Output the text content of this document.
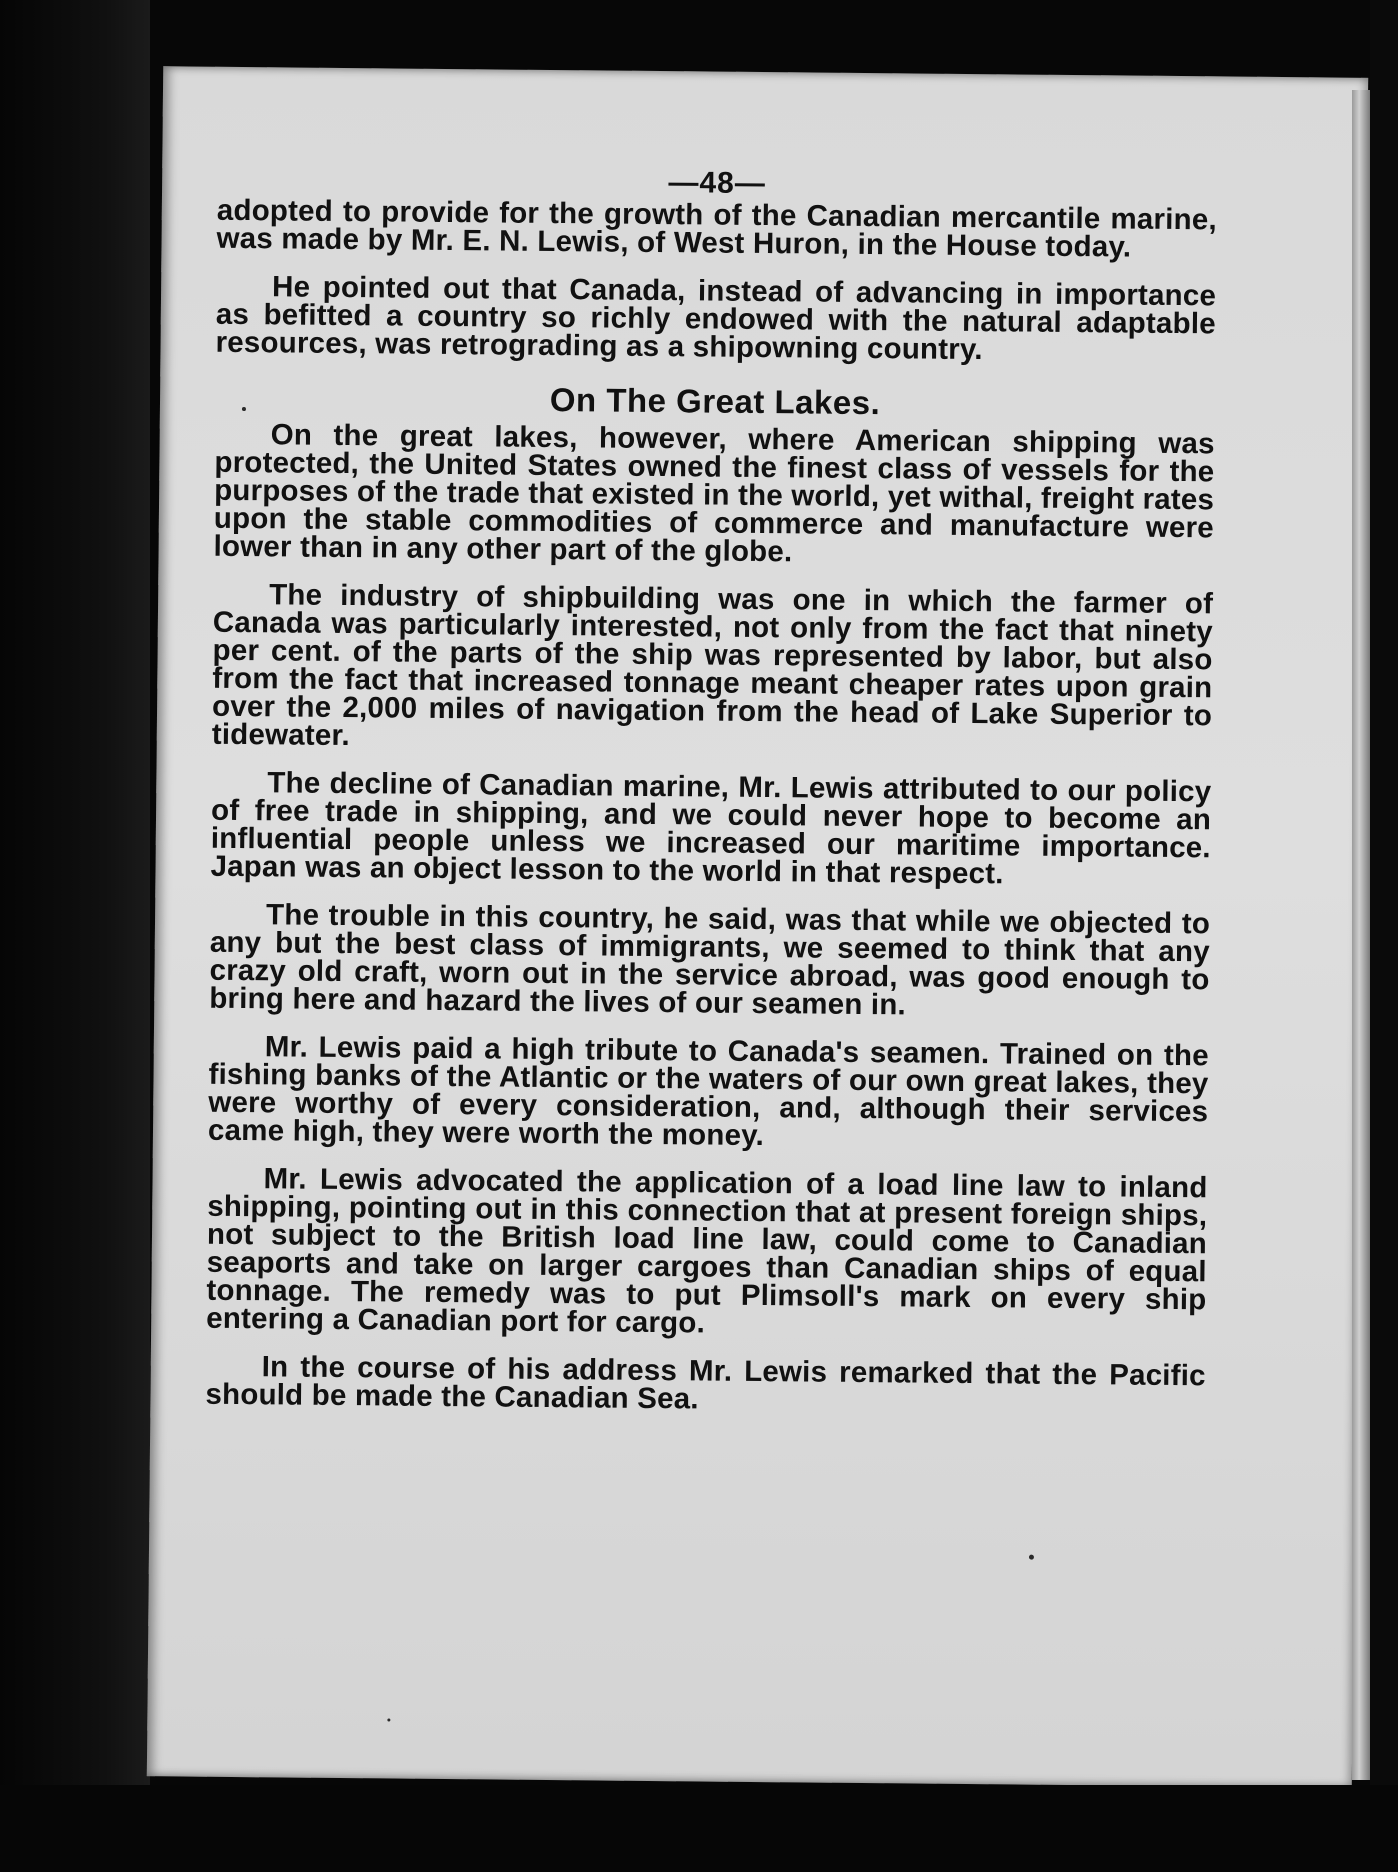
—48—

adopted to provide for the growth of the Canadian mercantile marine, was made by Mr. E. N. Lewis, of West Huron, in the House today.

He pointed out that Canada, instead of advancing in importance as befitted a country so richly endowed with the natural adaptable resources, was retrograding as a shipowning country.

On The Great Lakes.

On the great lakes, however, where American shipping was protected, the United States owned the finest class of vessels for the purposes of the trade that existed in the world, yet withal, freight rates upon the stable commodities of commerce and manufacture were lower than in any other part of the globe.

The industry of shipbuilding was one in which the farmer of Canada was particularly interested, not only from the fact that ninety per cent. of the parts of the ship was represented by labor, but also from the fact that increased tonnage meant cheaper rates upon grain over the 2,000 miles of navigation from the head of Lake Superior to tidewater.

The decline of Canadian marine, Mr. Lewis attributed to our policy of free trade in shipping, and we could never hope to become an influential people unless we increased our maritime importance. Japan was an object lesson to the world in that respect.

The trouble in this country, he said, was that while we objected to any but the best class of immigrants, we seemed to think that any crazy old craft, worn out in the service abroad, was good enough to bring here and hazard the lives of our seamen in.

Mr. Lewis paid a high tribute to Canada's seamen. Trained on the fishing banks of the Atlantic or the waters of our own great lakes, they were worthy of every consideration, and, although their services came high, they were worth the money.

Mr. Lewis advocated the application of a load line law to inland shipping, pointing out in this connection that at present foreign ships, not subject to the British load line law, could come to Canadian seaports and take on larger cargoes than Canadian ships of equal tonnage. The remedy was to put Plimsoll's mark on every ship entering a Canadian port for cargo.

In the course of his address Mr. Lewis remarked that the Pacific should be made the Canadian Sea.
